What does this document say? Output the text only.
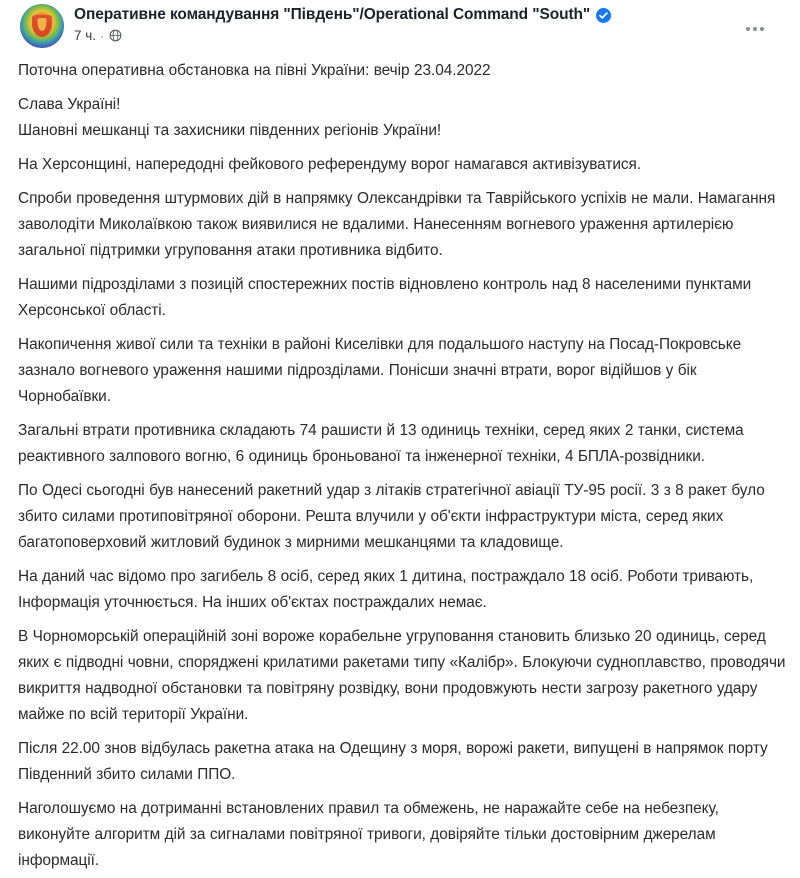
Оперативне командування "Південь"/Operational Command "South"
7 ч. ·

Поточна оперативна обстановка на півні України: вечір 23.04.2022

Слава Україні!

Шановні мешканці та захисники південних регіонів України!

На Херсонщині, напередодні фейкового референдуму ворог намагався активізуватися.

Спроби проведення штурмових дій в напрямку Олександрівки та Таврійського успіхів не мали. Намагання заволодіти Миколаївкою також виявилися не вдалими. Нанесенням вогневого ураження артилерією загальної підтримки угруповання атаки противника відбито.

Нашими підрозділами з позицій спостережних постів відновлено контроль над 8 населеними пунктами Херсонської області.

Накопичення живої сили та техніки в районі Киселівки для подальшого наступу на Посад-Покровське зазнало вогневого ураження нашими підрозділами. Понісши значні втрати, ворог відійшов у бік Чорнобаївки.

Загальні втрати противника складають 74 рашисти й 13 одиниць техніки, серед яких 2 танки, система реактивного залпового вогню, 6 одиниць броньованої та інженерної техніки, 4 БПЛА-розвідники.

По Одесі сьогодні був нанесений ракетний удар з літаків стратегічної авіації ТУ-95 росії. 3 з 8 ракет було збито силами протиповітряної оборони. Решта влучили у об'єкти інфраструктури міста, серед яких багатоповерховий житловий будинок з мирними мешканцями та кладовище.

На даний час відомо про загибель 8 осіб, серед яких 1 дитина, постраждало 18 осіб. Роботи тривають, Інформація уточнюється. На інших об'єктах постраждалих немає.

В Чорноморській операційній зоні вороже корабельне угруповання становить близько 20 одиниць, серед яких є підводні човни, споряджені крилатими ракетами типу «Калібр». Блокуючи судноплавство, проводячи викриття надводної обстановки та повітряну розвідку, вони продовжують нести загрозу ракетного удару майже по всій території України.

Після 22.00 знов відбулась ракетна атака на Одещину з моря, ворожі ракети, випущені в напрямок порту Південний збито силами ППО.

Наголошуємо на дотриманні встановлених правил та обмежень, не наражайте себе на небезпеку, виконуйте алгоритм дій за сигналами повітряної тривоги, довіряйте тільки достовірним джерелам інформації.
